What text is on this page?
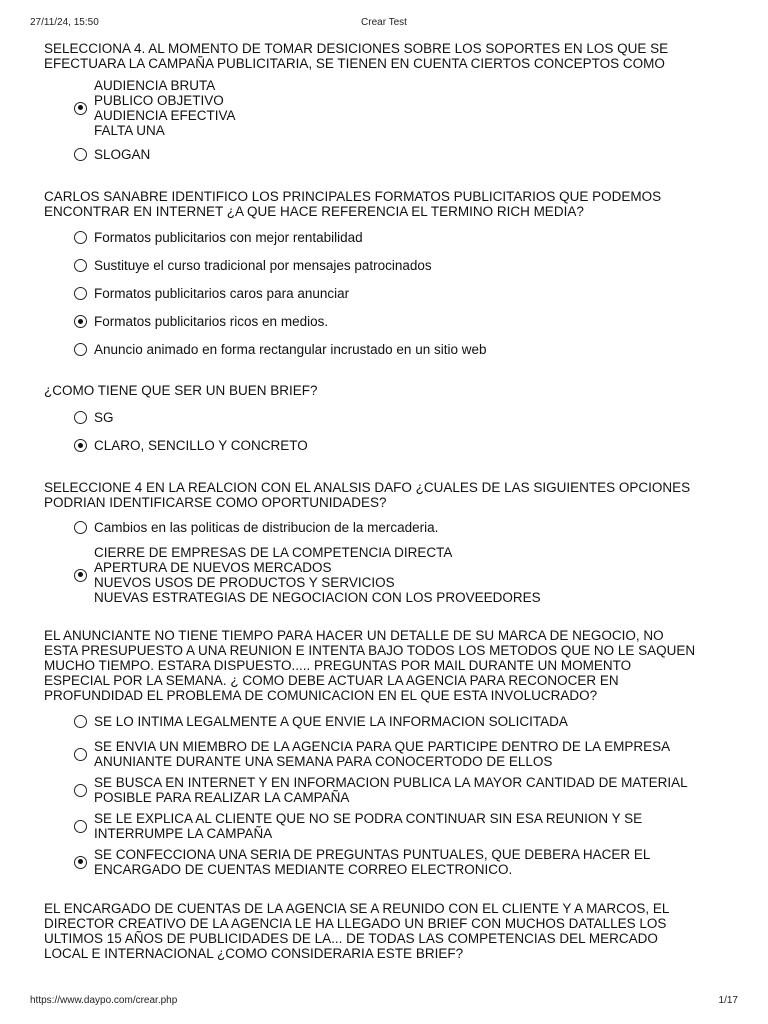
27/11/24, 15:50	Crear Test
SELECCIONA 4. AL MOMENTO DE TOMAR DESICIONES SOBRE LOS SOPORTES EN LOS QUE SE
EFECTUARA LA CAMPAÑA PUBLICITARIA, SE TIENEN EN CUENTA CIERTOS CONCEPTOS COMO
AUDIENCIA BRUTA
PUBLICO OBJETIVO
AUDIENCIA EFECTIVA
FALTA UNA
SLOGAN
CARLOS SANABRE IDENTIFICO LOS PRINCIPALES FORMATOS PUBLICITARIOS QUE PODEMOS
ENCONTRAR EN INTERNET ¿A QUE HACE REFERENCIA EL TERMINO RICH MEDIA?
Formatos publicitarios con mejor rentabilidad
Sustituye el curso tradicional por mensajes patrocinados
Formatos publicitarios caros para anunciar
Formatos publicitarios ricos en medios.
Anuncio animado en forma rectangular incrustado en un sitio web
¿COMO TIENE QUE SER UN BUEN BRIEF?
SG
CLARO, SENCILLO Y CONCRETO
SELECCIONE 4 EN LA REALCION CON EL ANALSIS DAFO ¿CUALES DE LAS SIGUIENTES OPCIONES
PODRIAN IDENTIFICARSE COMO OPORTUNIDADES?
Cambios en las politicas de distribucion de la mercaderia.
CIERRE DE EMPRESAS DE LA COMPETENCIA DIRECTA
APERTURA DE NUEVOS MERCADOS
NUEVOS USOS DE PRODUCTOS Y SERVICIOS
NUEVAS ESTRATEGIAS DE NEGOCIACION CON LOS PROVEEDORES
EL ANUNCIANTE NO TIENE TIEMPO PARA HACER UN DETALLE DE SU MARCA DE NEGOCIO, NO
ESTA PRESUPUESTO A UNA REUNION E INTENTA BAJO TODOS LOS METODOS QUE NO LE SAQUEN
MUCHO TIEMPO. ESTARA DISPUESTO..... PREGUNTAS POR MAIL DURANTE UN MOMENTO
ESPECIAL POR LA SEMANA. ¿ COMO DEBE ACTUAR LA AGENCIA PARA RECONOCER EN
PROFUNDIDAD EL PROBLEMA DE COMUNICACION EN EL QUE ESTA INVOLUCRADO?
SE LO INTIMA LEGALMENTE A QUE ENVIE LA INFORMACION SOLICITADA
SE ENVIA UN MIEMBRO DE LA AGENCIA PARA QUE PARTICIPE DENTRO DE LA EMPRESA
ANUNIANTE DURANTE UNA SEMANA PARA CONOCERTODO DE ELLOS
SE BUSCA EN INTERNET Y EN INFORMACION PUBLICA LA MAYOR CANTIDAD DE MATERIAL
POSIBLE PARA REALIZAR LA CAMPAÑA
SE LE EXPLICA AL CLIENTE QUE NO SE PODRA CONTINUAR SIN ESA REUNION Y SE
INTERRUMPE LA CAMPAÑA
SE CONFECCIONA UNA SERIA DE PREGUNTAS PUNTUALES, QUE DEBERA HACER EL
ENCARGADO DE CUENTAS MEDIANTE CORREO ELECTRONICO.
EL ENCARGADO DE CUENTAS DE LA AGENCIA SE A REUNIDO CON EL CLIENTE Y A MARCOS, EL
DIRECTOR CREATIVO DE LA AGENCIA LE HA LLEGADO UN BRIEF CON MUCHOS DATALLES LOS
ULTIMOS 15 AÑOS DE PUBLICIDADES DE LA... DE TODAS LAS COMPETENCIAS DEL MERCADO
LOCAL E INTERNACIONAL ¿COMO CONSIDERARIA ESTE BRIEF?
https://www.daypo.com/crear.php	1/17
